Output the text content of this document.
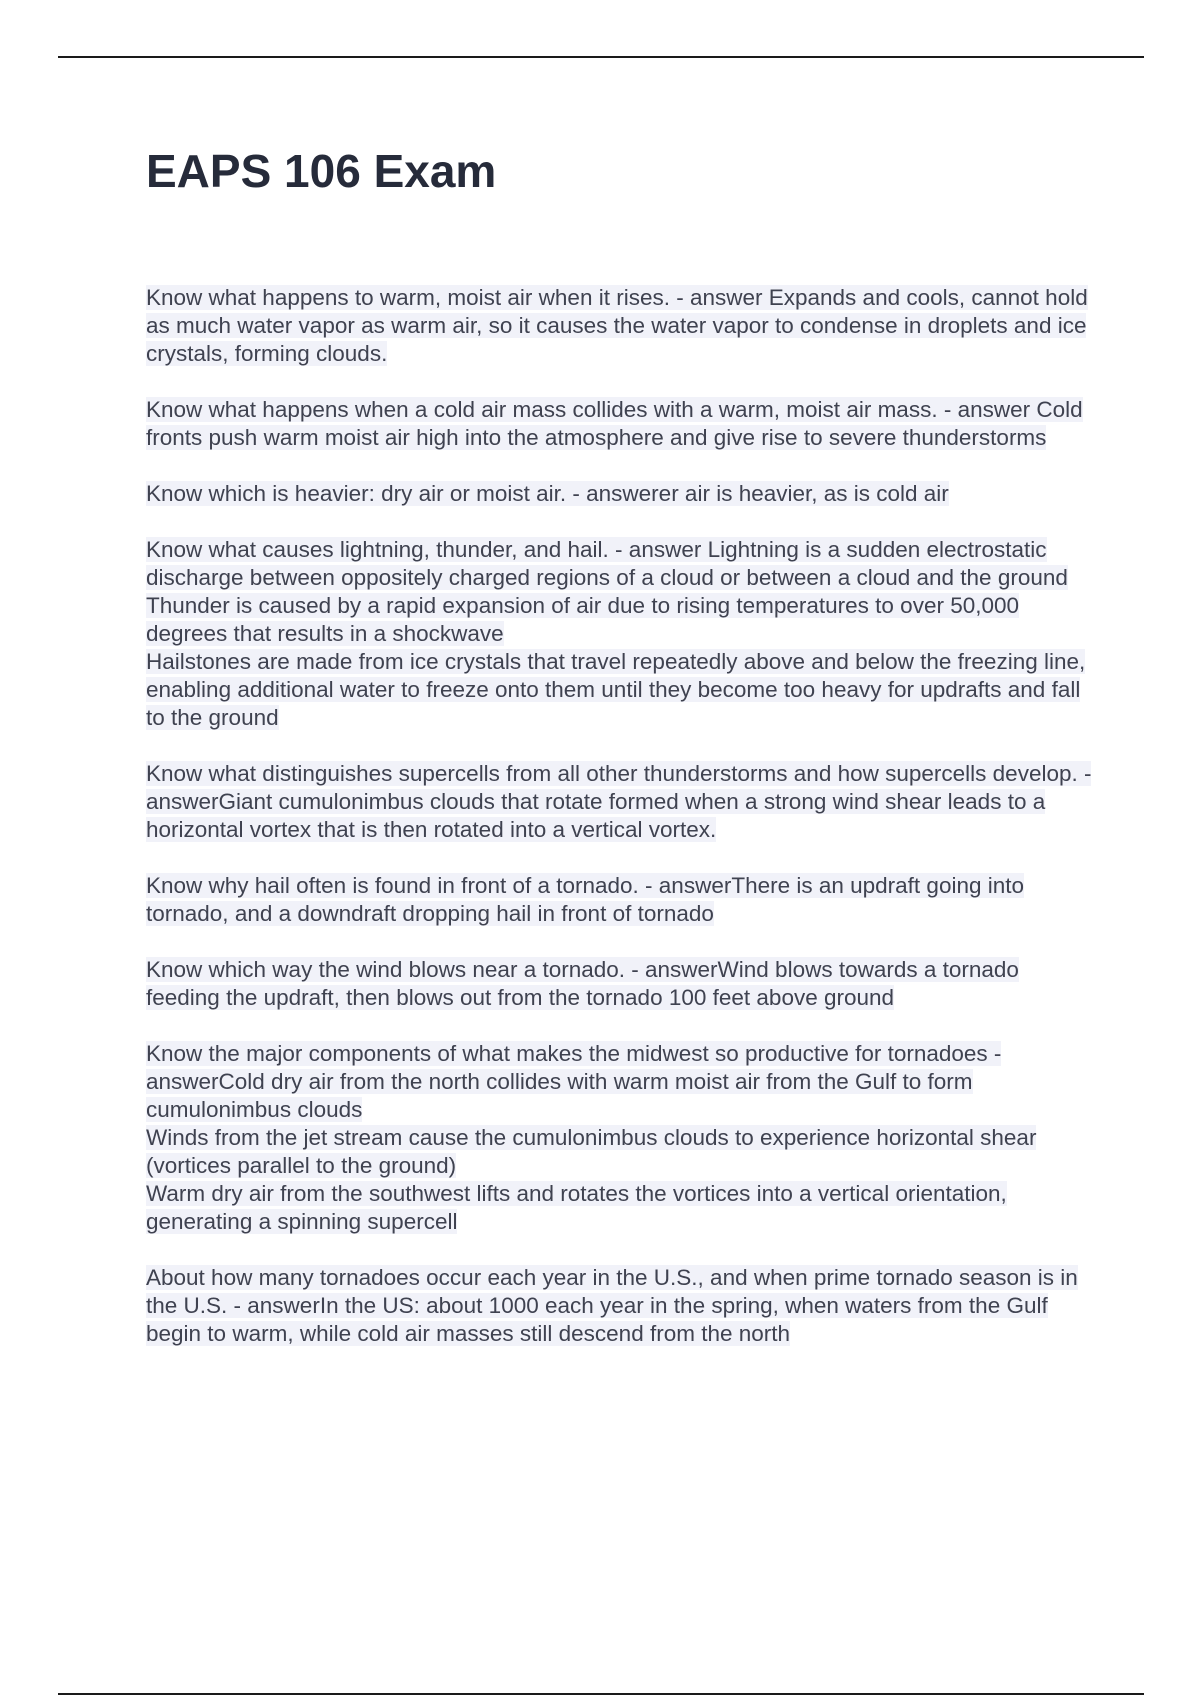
EAPS 106 Exam

Know what happens to warm, moist air when it rises. - answer Expands and cools, cannot hold as much water vapor as warm air, so it causes the water vapor to condense in droplets and ice crystals, forming clouds.

Know what happens when a cold air mass collides with a warm, moist air mass. - answer Cold fronts push warm moist air high into the atmosphere and give rise to severe thunderstorms

Know which is heavier: dry air or moist air. - answerer air is heavier, as is cold air

Know what causes lightning, thunder, and hail. - answer Lightning is a sudden electrostatic discharge between oppositely charged regions of a cloud or between a cloud and the ground

Thunder is caused by a rapid expansion of air due to rising temperatures to over 50,000 degrees that results in a shockwave

Hailstones are made from ice crystals that travel repeatedly above and below the freezing line, enabling additional water to freeze onto them until they become too heavy for updrafts and fall to the ground

Know what distinguishes supercells from all other thunderstorms and how supercells develop. - answerGiant cumulonimbus clouds that rotate formed when a strong wind shear leads to a horizontal vortex that is then rotated into a vertical vortex.

Know why hail often is found in front of a tornado. - answerThere is an updraft going into tornado, and a downdraft dropping hail in front of tornado

Know which way the wind blows near a tornado. - answerWind blows towards a tornado feeding the updraft, then blows out from the tornado 100 feet above ground

Know the major components of what makes the midwest so productive for tornadoes - answerCold dry air from the north collides with warm moist air from the Gulf to form cumulonimbus clouds

Winds from the jet stream cause the cumulonimbus clouds to experience horizontal shear (vortices parallel to the ground)

Warm dry air from the southwest lifts and rotates the vortices into a vertical orientation, generating a spinning supercell

About how many tornadoes occur each year in the U.S., and when prime tornado season is in the U.S. - answerIn the US: about 1000 each year in the spring, when waters from the Gulf begin to warm, while cold air masses still descend from the north
